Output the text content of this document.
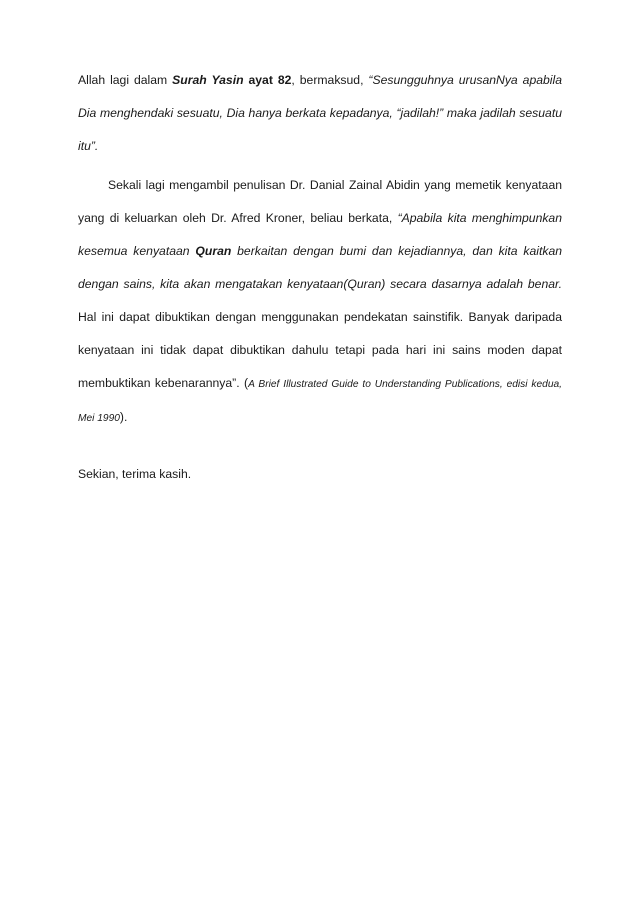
Allah lagi dalam Surah Yasin ayat 82, bermaksud, “Sesungguhnya urusanNya apabila Dia menghendaki sesuatu, Dia hanya berkata kepadanya, “jadilah!” maka jadilah sesuatu itu”.

Sekali lagi mengambil penulisan Dr. Danial Zainal Abidin yang memetik kenyataan yang di keluarkan oleh Dr. Afred Kroner, beliau berkata, “Apabila kita menghimpunkan kesemua kenyataan Quran berkaitan dengan bumi dan kejadiannya, dan kita kaitkan dengan sains, kita akan mengatakan kenyataan(Quran) secara dasarnya adalah benar. Hal ini dapat dibuktikan dengan menggunakan pendekatan sainstifik. Banyak daripada kenyataan ini tidak dapat dibuktikan dahulu tetapi pada hari ini sains moden dapat membuktikan kebenarannya”. (A Brief Illustrated Guide to Understanding Publications, edisi kedua, Mei 1990).

Sekian, terima kasih.
